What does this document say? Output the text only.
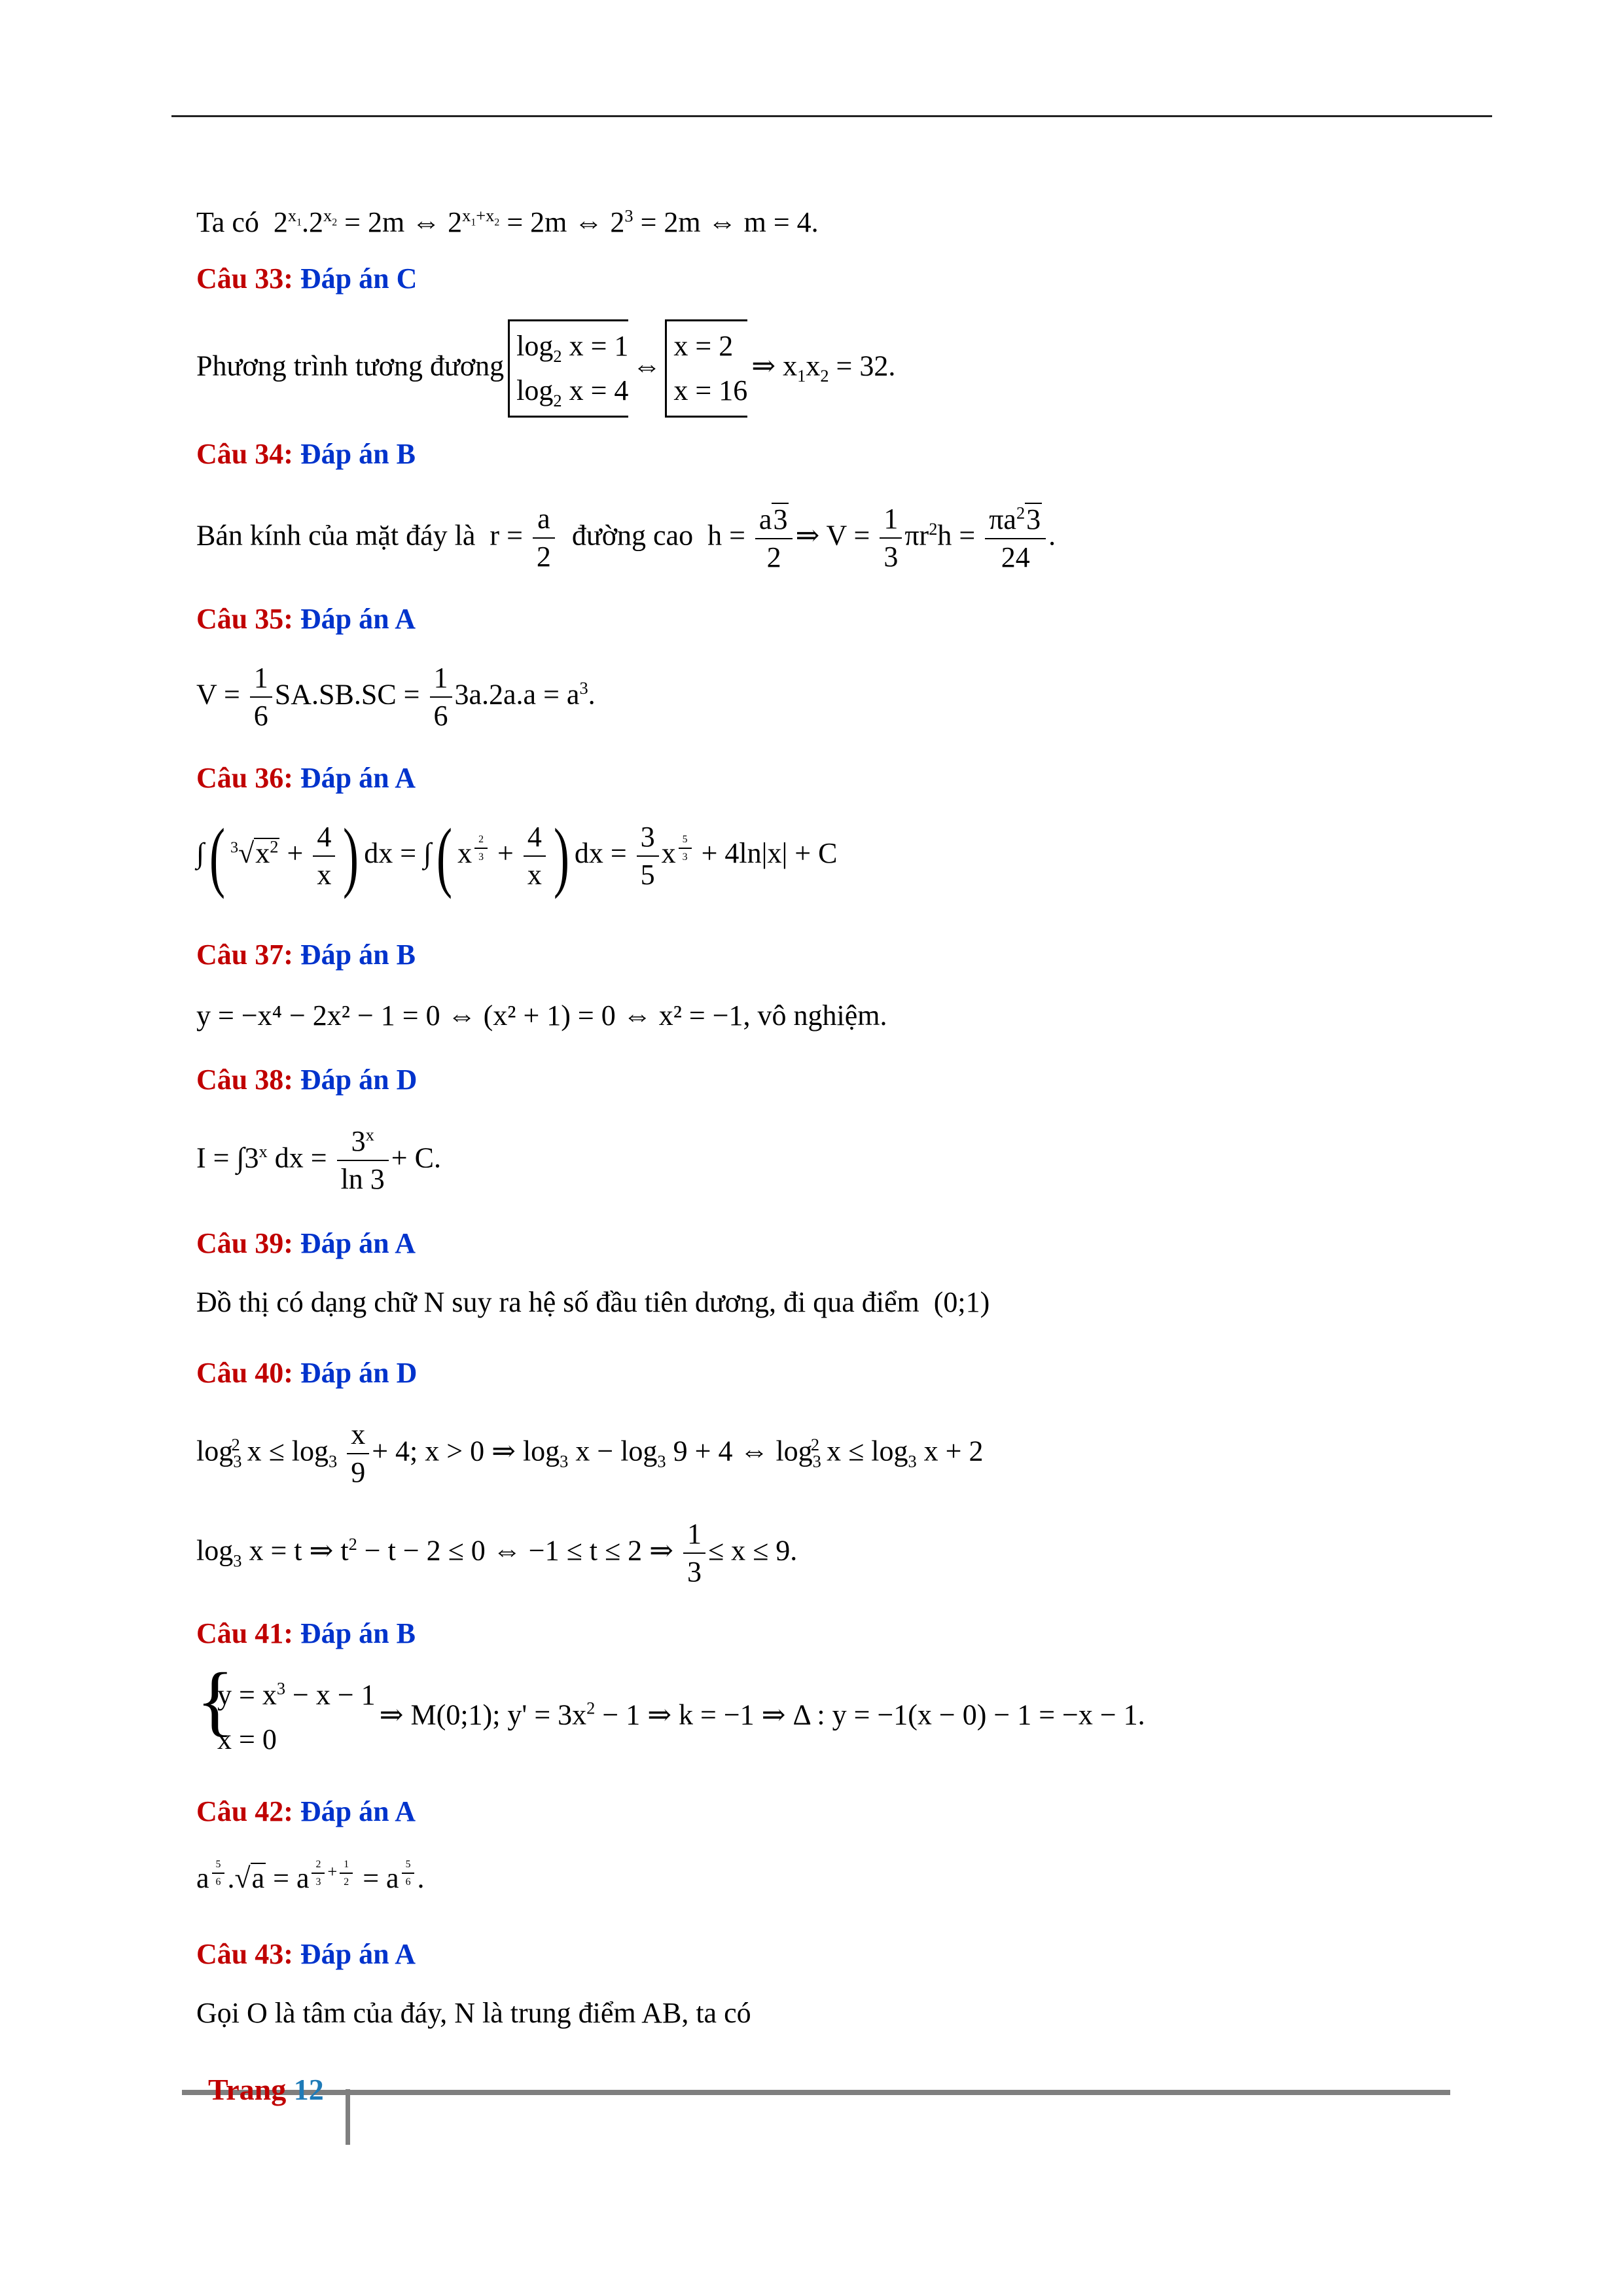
Ta có  $2^{x_1}.2^{x_2} = 2m$ ⇔ $2^{x_1+x_2} = 2m$ ⇔ $2^3 = 2m$ ⇔ m = 4.
Câu 33: Đáp án C
Phương trình tương đươnglog$_2$ x = 1
$\log_2 x$ = 4⇔x = 2
x = 16⇒ $x_1x_2 = 32$.
Câu 34: Đáp án B
Bán kính của mặt đáy là  $r = \frac{a}{2}$ đường cao  $h = \frac{a3}{2}$ ⇒ $V = \frac{1}{3} \pi r^2h = \frac{\pi a^23}{24}$ .
Câu 35: Đáp án A
$V = \frac{1}{6} SA.SB.SC = \frac{1}{6} 3a.2a.a = a^3$.
Câu 36: Đáp án A
∫( $^3√x^2 + \frac{4}{x}$ ) dx = ∫( x $^{\frac{2}{3}} + \frac{4}{x}$ ) dx = $\frac{3}{5}$ x $^{\frac{5}{3}}$ + 4ln|x| + C
Câu 37: Đáp án B
y = −x⁴ − 2x² − 1 = 0 ⇔ (x² + 1) = 0 ⇔ x² = −1, vô nghiệm.
Câu 38: Đáp án D
$I = \int 3^x$ dx = $\frac{3^x}{\ln 3} + C$.
Câu 39: Đáp án A
Đồ thị có dạng chữ N suy ra hệ số đầu tiên dương, đi qua điểm (0;1)
Câu 40: Đáp án D
$\log_3^2 x \le \log_3 \frac{x}{9} + 4$; x > 0 ⇒ $\log_3 x - \log_3 9 + 4$ ⇔ $\log_3^2 x \le \log_3 x + 2$
$\log_3 x = t$ ⇒ $t^2 - t - 2 \le 0$ ⇔ −1 ≤ t ≤ 2 ⇒ $\frac{1}{3} \le x \le 9$.
Câu 41: Đáp án B
{ $y = x^3 - x - 1$
x = 0⇒ M(0;1); $y' = 3x^2 - 1$ ⇒ k = −1 ⇒ Δ : y = −1(x − 0) − 1 = −x − 1.
Câu 42: Đáp án A
a $^{\frac{5}{6}}$ .√a = a $^{\frac{2}{3} + \frac{1}{2}}$ = a $^{\frac{5}{6}}$ .
Câu 43: Đáp án A
Gọi O là tâm của đáy, N là trung điểm AB, ta có
Trang 12
